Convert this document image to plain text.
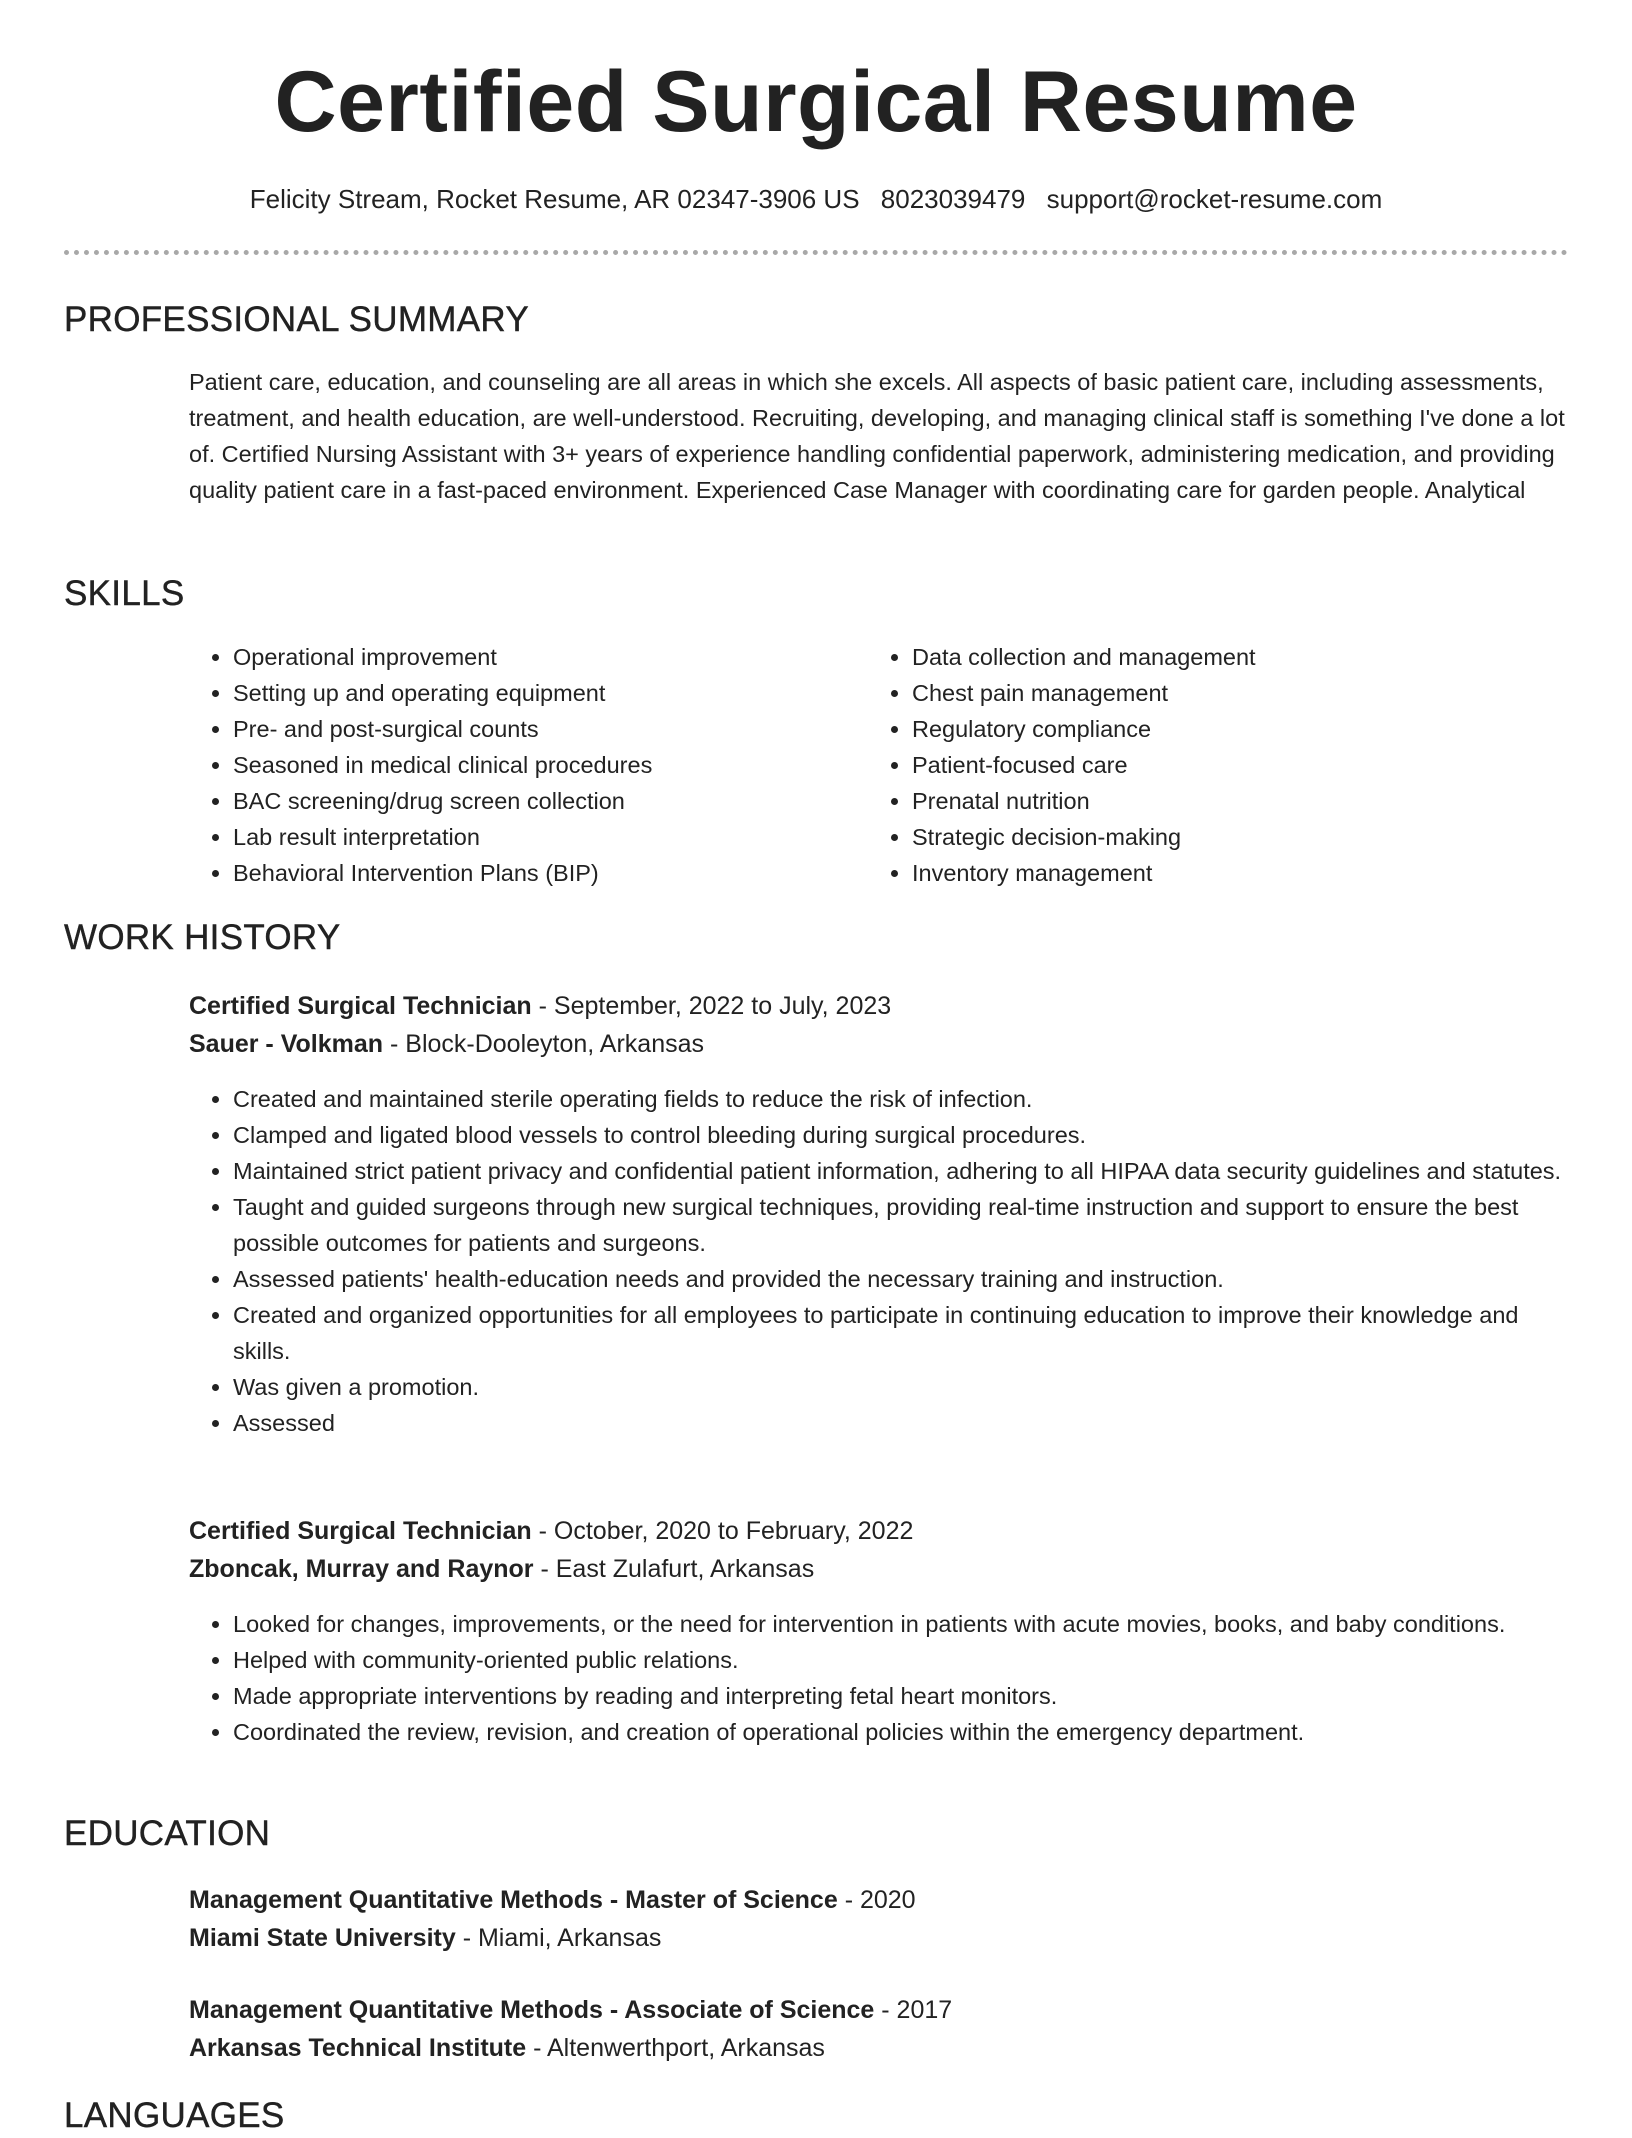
Certified Surgical Resume
Felicity Stream, Rocket Resume, AR 02347-3906 US 8023039479 support@rocket-resume.com
PROFESSIONAL SUMMARY
Patient care, education, and counseling are all areas in which she excels. All aspects of basic patient care, including assessments, treatment, and health education, are well-understood. Recruiting, developing, and managing clinical staff is something I've done a lot of. Certified Nursing Assistant with 3+ years of experience handling confidential paperwork, administering medication, and providing quality patient care in a fast-paced environment. Experienced Case Manager with coordinating care for garden people. Analytical
SKILLS
• Operational improvement
• Setting up and operating equipment
• Pre- and post-surgical counts
• Seasoned in medical clinical procedures
• BAC screening/drug screen collection
• Lab result interpretation
• Behavioral Intervention Plans (BIP)
• Data collection and management
• Chest pain management
• Regulatory compliance
• Patient-focused care
• Prenatal nutrition
• Strategic decision-making
• Inventory management
WORK HISTORY
Certified Surgical Technician - September, 2022 to July, 2023
Sauer - Volkman - Block-Dooleyton, Arkansas
• Created and maintained sterile operating fields to reduce the risk of infection.
• Clamped and ligated blood vessels to control bleeding during surgical procedures.
• Maintained strict patient privacy and confidential patient information, adhering to all HIPAA data security guidelines and statutes.
• Taught and guided surgeons through new surgical techniques, providing real-time instruction and support to ensure the best possible outcomes for patients and surgeons.
• Assessed patients' health-education needs and provided the necessary training and instruction.
• Created and organized opportunities for all employees to participate in continuing education to improve their knowledge and skills.
• Was given a promotion.
• Assessed
Certified Surgical Technician - October, 2020 to February, 2022
Zboncak, Murray and Raynor - East Zulafurt, Arkansas
• Looked for changes, improvements, or the need for intervention in patients with acute movies, books, and baby conditions.
• Helped with community-oriented public relations.
• Made appropriate interventions by reading and interpreting fetal heart monitors.
• Coordinated the review, revision, and creation of operational policies within the emergency department.
EDUCATION
Management Quantitative Methods - Master of Science - 2020
Miami State University - Miami, Arkansas
Management Quantitative Methods - Associate of Science - 2017
Arkansas Technical Institute - Altenwerthport, Arkansas
LANGUAGES
